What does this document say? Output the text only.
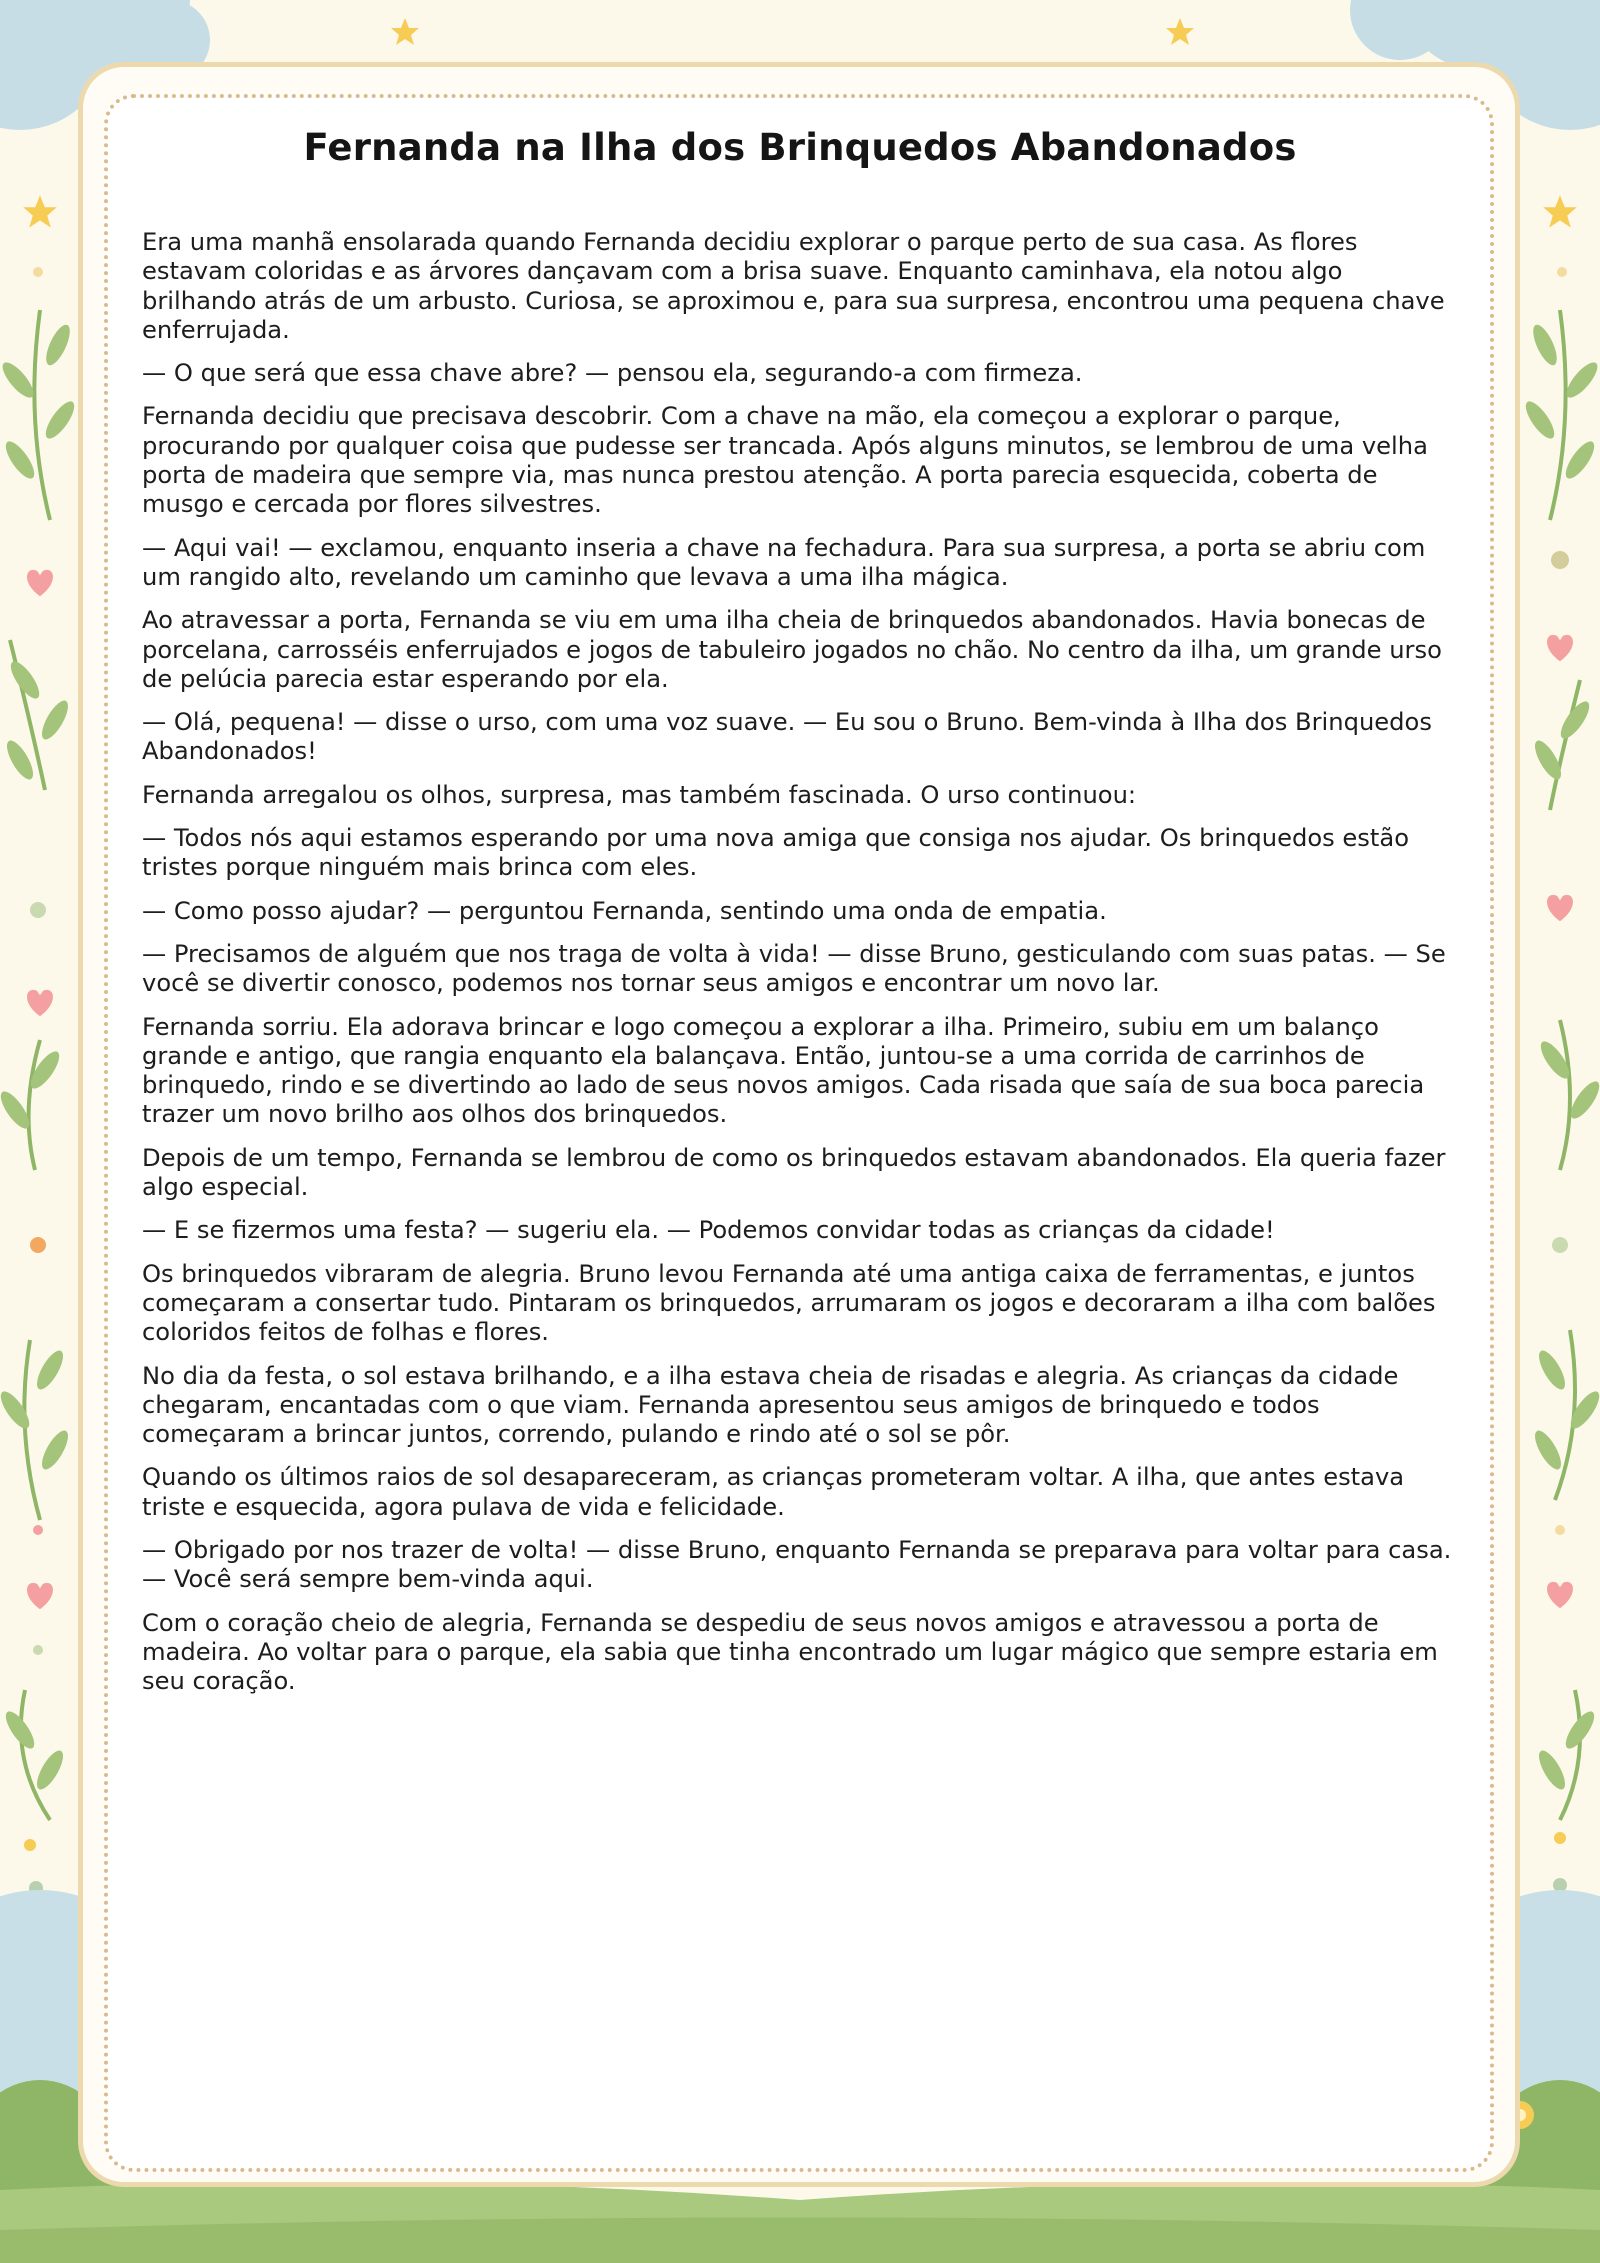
Fernanda na Ilha dos Brinquedos Abandonados

Era uma manhã ensolarada quando Fernanda decidiu explorar o parque perto de sua casa. As flores estavam coloridas e as árvores dançavam com a brisa suave. Enquanto caminhava, ela notou algo brilhando atrás de um arbusto. Curiosa, se aproximou e, para sua surpresa, encontrou uma pequena chave enferrujada.

— O que será que essa chave abre? — pensou ela, segurando-a com firmeza.

Fernanda decidiu que precisava descobrir. Com a chave na mão, ela começou a explorar o parque, procurando por qualquer coisa que pudesse ser trancada. Após alguns minutos, se lembrou de uma velha porta de madeira que sempre via, mas nunca prestou atenção. A porta parecia esquecida, coberta de musgo e cercada por flores silvestres.

— Aqui vai! — exclamou, enquanto inseria a chave na fechadura. Para sua surpresa, a porta se abriu com um rangido alto, revelando um caminho que levava a uma ilha mágica.

Ao atravessar a porta, Fernanda se viu em uma ilha cheia de brinquedos abandonados. Havia bonecas de porcelana, carrosséis enferrujados e jogos de tabuleiro jogados no chão. No centro da ilha, um grande urso de pelúcia parecia estar esperando por ela.

— Olá, pequena! — disse o urso, com uma voz suave. — Eu sou o Bruno. Bem-vinda à Ilha dos Brinquedos Abandonados!

Fernanda arregalou os olhos, surpresa, mas também fascinada. O urso continuou:

— Todos nós aqui estamos esperando por uma nova amiga que consiga nos ajudar. Os brinquedos estão tristes porque ninguém mais brinca com eles.

— Como posso ajudar? — perguntou Fernanda, sentindo uma onda de empatia.

— Precisamos de alguém que nos traga de volta à vida! — disse Bruno, gesticulando com suas patas. — Se você se divertir conosco, podemos nos tornar seus amigos e encontrar um novo lar.

Fernanda sorriu. Ela adorava brincar e logo começou a explorar a ilha. Primeiro, subiu em um balanço grande e antigo, que rangia enquanto ela balançava. Então, juntou-se a uma corrida de carrinhos de brinquedo, rindo e se divertindo ao lado de seus novos amigos. Cada risada que saía de sua boca parecia trazer um novo brilho aos olhos dos brinquedos.

Depois de um tempo, Fernanda se lembrou de como os brinquedos estavam abandonados. Ela queria fazer algo especial.

— E se fizermos uma festa? — sugeriu ela. — Podemos convidar todas as crianças da cidade!

Os brinquedos vibraram de alegria. Bruno levou Fernanda até uma antiga caixa de ferramentas, e juntos começaram a consertar tudo. Pintaram os brinquedos, arrumaram os jogos e decoraram a ilha com balões coloridos feitos de folhas e flores.

No dia da festa, o sol estava brilhando, e a ilha estava cheia de risadas e alegria. As crianças da cidade chegaram, encantadas com o que viam. Fernanda apresentou seus amigos de brinquedo e todos começaram a brincar juntos, correndo, pulando e rindo até o sol se pôr.

Quando os últimos raios de sol desapareceram, as crianças prometeram voltar. A ilha, que antes estava triste e esquecida, agora pulava de vida e felicidade.

— Obrigado por nos trazer de volta! — disse Bruno, enquanto Fernanda se preparava para voltar para casa. — Você será sempre bem-vinda aqui.

Com o coração cheio de alegria, Fernanda se despediu de seus novos amigos e atravessou a porta de madeira. Ao voltar para o parque, ela sabia que tinha encontrado um lugar mágico que sempre estaria em seu coração.
